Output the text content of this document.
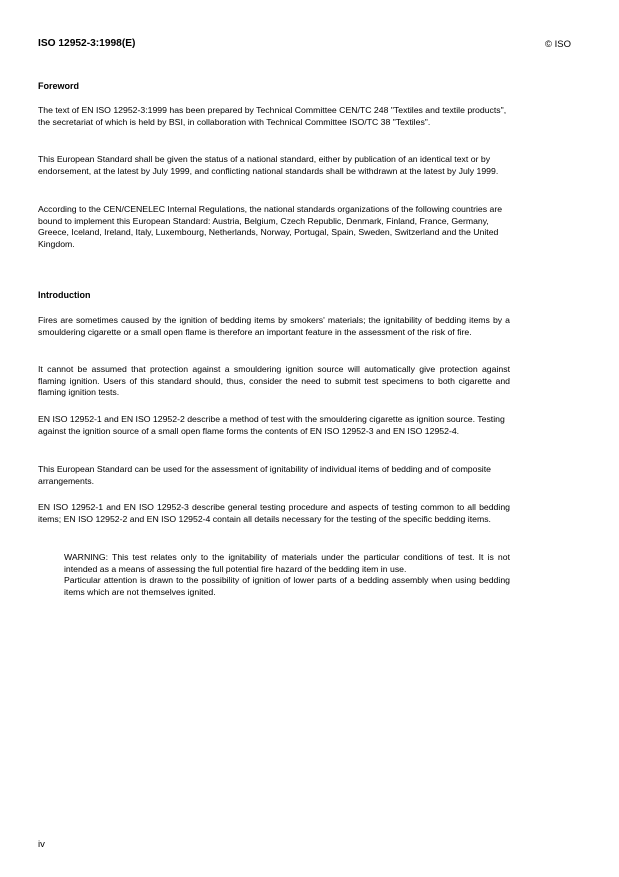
ISO 12952-3:1998(E)	© ISO
Foreword

The text of EN ISO 12952-3:1999 has been prepared by Technical Committee CEN/TC 248 "Textiles and textile products", the secretariat of which is held by BSI, in collaboration with Technical Committee ISO/TC 38 "Textiles".

This European Standard shall be given the status of a national standard, either by publication of an identical text or by endorsement, at the latest by July 1999, and conflicting national standards shall be withdrawn at the latest by July 1999.

According to the CEN/CENELEC Internal Regulations, the national standards organizations of the following countries are bound to implement this European Standard: Austria, Belgium, Czech Republic, Denmark, Finland, France, Germany, Greece, Iceland, Ireland, Italy, Luxembourg, Netherlands, Norway, Portugal, Spain, Sweden, Switzerland and the United Kingdom.

Introduction

Fires are sometimes caused by the ignition of bedding items by smokers' materials; the ignitability of bedding items by a smouldering cigarette or a small open flame is therefore an important feature in the assessment of the risk of fire.

It cannot be assumed that protection against a smouldering ignition source will automatically give protection against flaming ignition. Users of this standard should, thus, consider the need to submit test specimens to both cigarette and flaming ignition tests.

EN ISO 12952-1 and EN ISO 12952-2 describe a method of test with the smouldering cigarette as ignition source. Testing against the ignition source of a small open flame forms the contents of EN ISO 12952-3 and EN ISO 12952-4.

This European Standard can be used for the assessment of ignitability of individual items of bedding and of composite arrangements.

EN ISO 12952-1 and EN ISO 12952-3 describe general testing procedure and aspects of testing common to all bedding items; EN ISO 12952-2 and EN ISO 12952-4 contain all details necessary for the testing of the specific bedding items.

WARNING: This test relates only to the ignitability of materials under the particular conditions of test. It is not intended as a means of assessing the full potential fire hazard of the bedding item in use.

Particular attention is drawn to the possibility of ignition of lower parts of a bedding assembly when using bedding items which are not themselves ignited.

iv
